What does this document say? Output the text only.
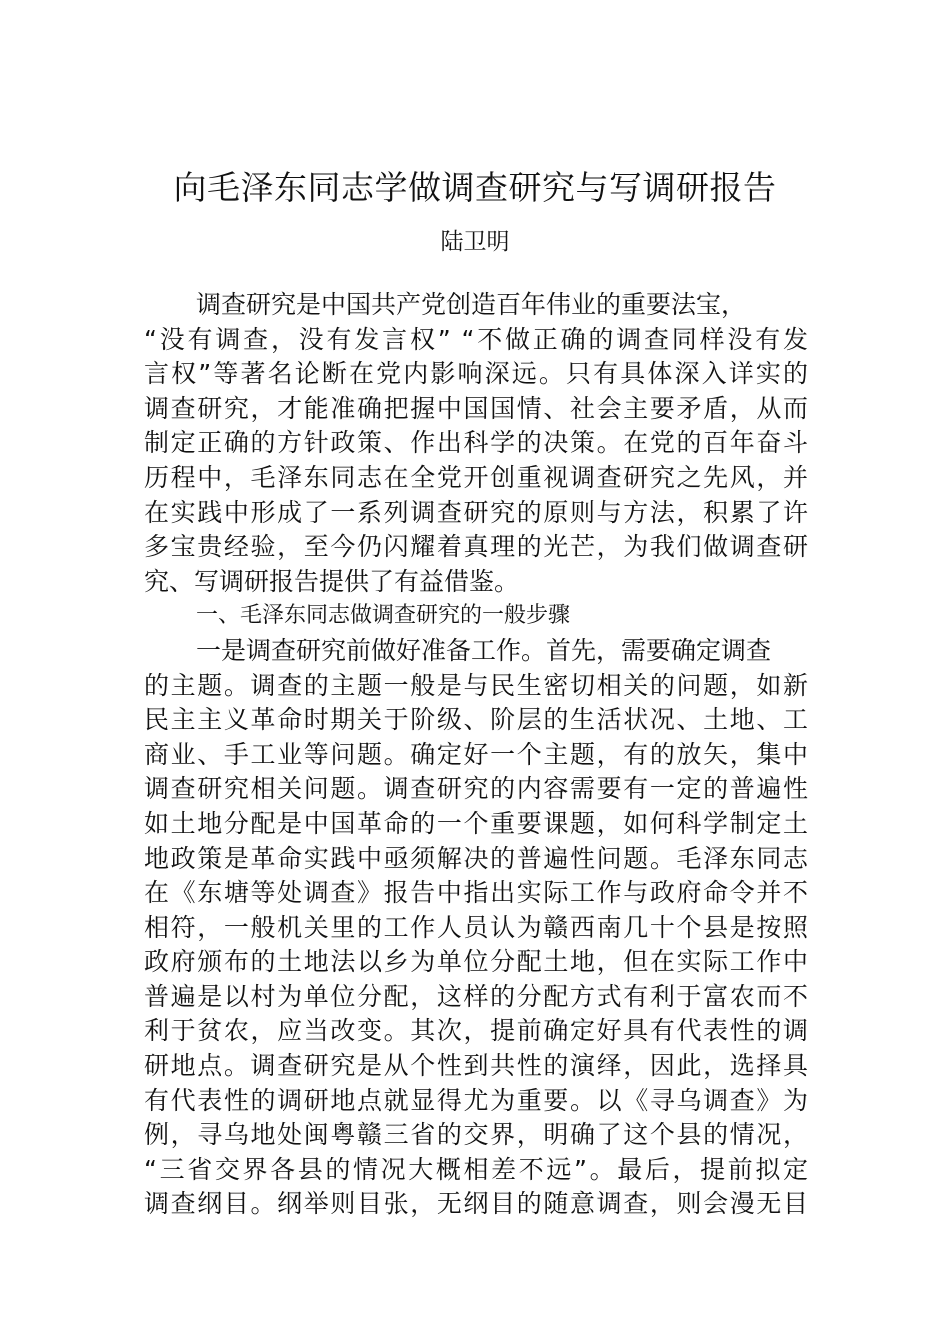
向毛泽东同志学做调查研究与写调研报告
陆卫明
调查研究是中国共产党创造百年伟业的重要法宝，
“没有调查，没有发言权” “不做正确的调查同样没有发
言权”等著名论断在党内影响深远。只有具体深入详实的
调查研究，才能准确把握中国国情、社会主要矛盾，从而
制定正确的方针政策、作出科学的决策。在党的百年奋斗
历程中，毛泽东同志在全党开创重视调查研究之先风，并
在实践中形成了一系列调查研究的原则与方法，积累了许
多宝贵经验，至今仍闪耀着真理的光芒，为我们做调查研
究、写调研报告提供了有益借鉴。
一、毛泽东同志做调查研究的一般步骤
一是调查研究前做好准备工作。首先，需要确定调查
的主题。调查的主题一般是与民生密切相关的问题，如新
民主主义革命时期关于阶级、阶层的生活状况、土地、工
商业、手工业等问题。确定好一个主题，有的放矢，集中
调查研究相关问题。调查研究的内容需要有一定的普遍性
如土地分配是中国革命的一个重要课题，如何科学制定土
地政策是革命实践中亟须解决的普遍性问题。毛泽东同志
在《东塘等处调查》报告中指出实际工作与政府命令并不
相符，一般机关里的工作人员认为赣西南几十个县是按照
政府颁布的土地法以乡为单位分配土地，但在实际工作中
普遍是以村为单位分配，这样的分配方式有利于富农而不
利于贫农，应当改变。其次，提前确定好具有代表性的调
研地点。调查研究是从个性到共性的演绎，因此，选择具
有代表性的调研地点就显得尤为重要。以《寻乌调查》为
例，寻乌地处闽粤赣三省的交界，明确了这个县的情况，
“三省交界各县的情况大概相差不远”。最后，提前拟定
调查纲目。纲举则目张，无纲目的随意调查，则会漫无目
